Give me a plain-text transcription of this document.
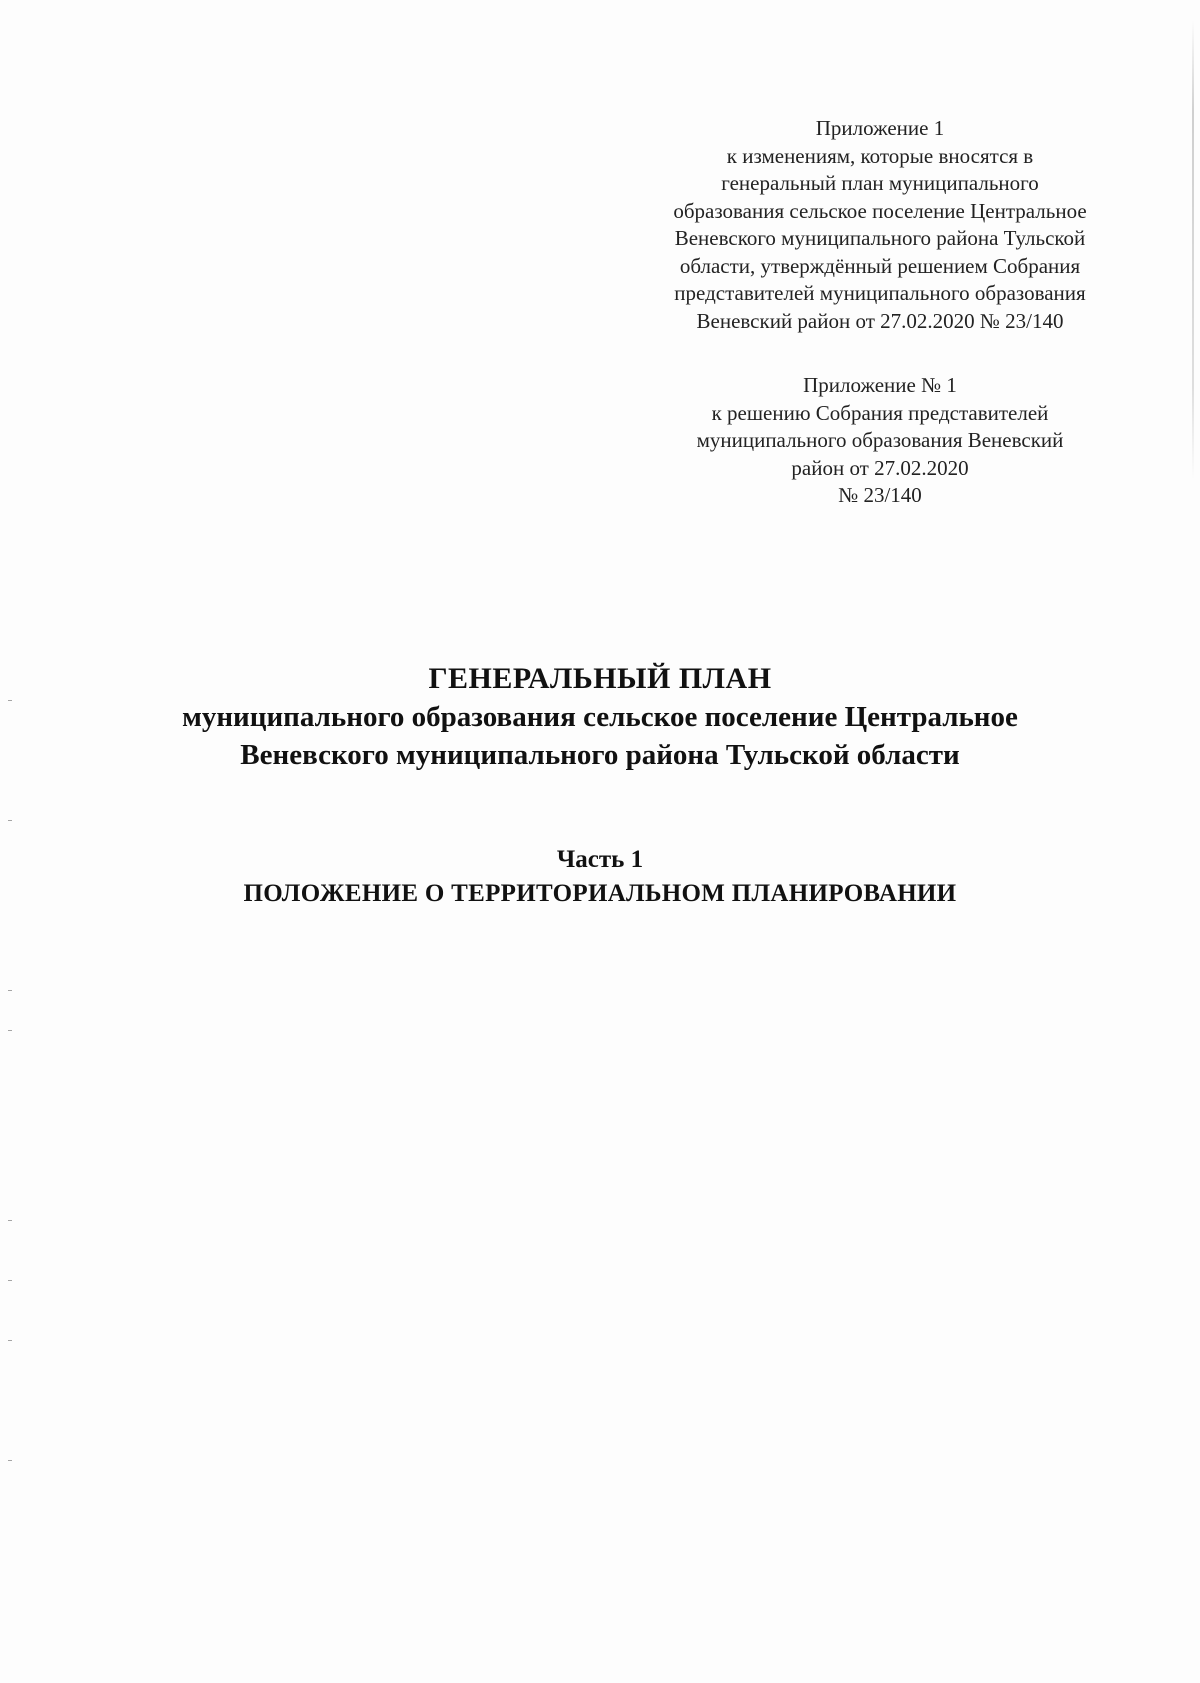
Приложение 1
к изменениям, которые вносятся в
генеральный план муниципального
образования сельское поселение Центральное
Веневского муниципального района Тульской
области, утверждённый решением Собрания
представителей муниципального образования
Веневский район от 27.02.2020 № 23/140
Приложение № 1
к решению Собрания представителей
муниципального образования Веневский
район от 27.02.2020
№ 23/140
ГЕНЕРАЛЬНЫЙ ПЛАН
муниципального образования сельское поселение Центральное
Веневского муниципального района Тульской области
Часть 1
ПОЛОЖЕНИЕ О ТЕРРИТОРИАЛЬНОМ ПЛАНИРОВАНИИ
